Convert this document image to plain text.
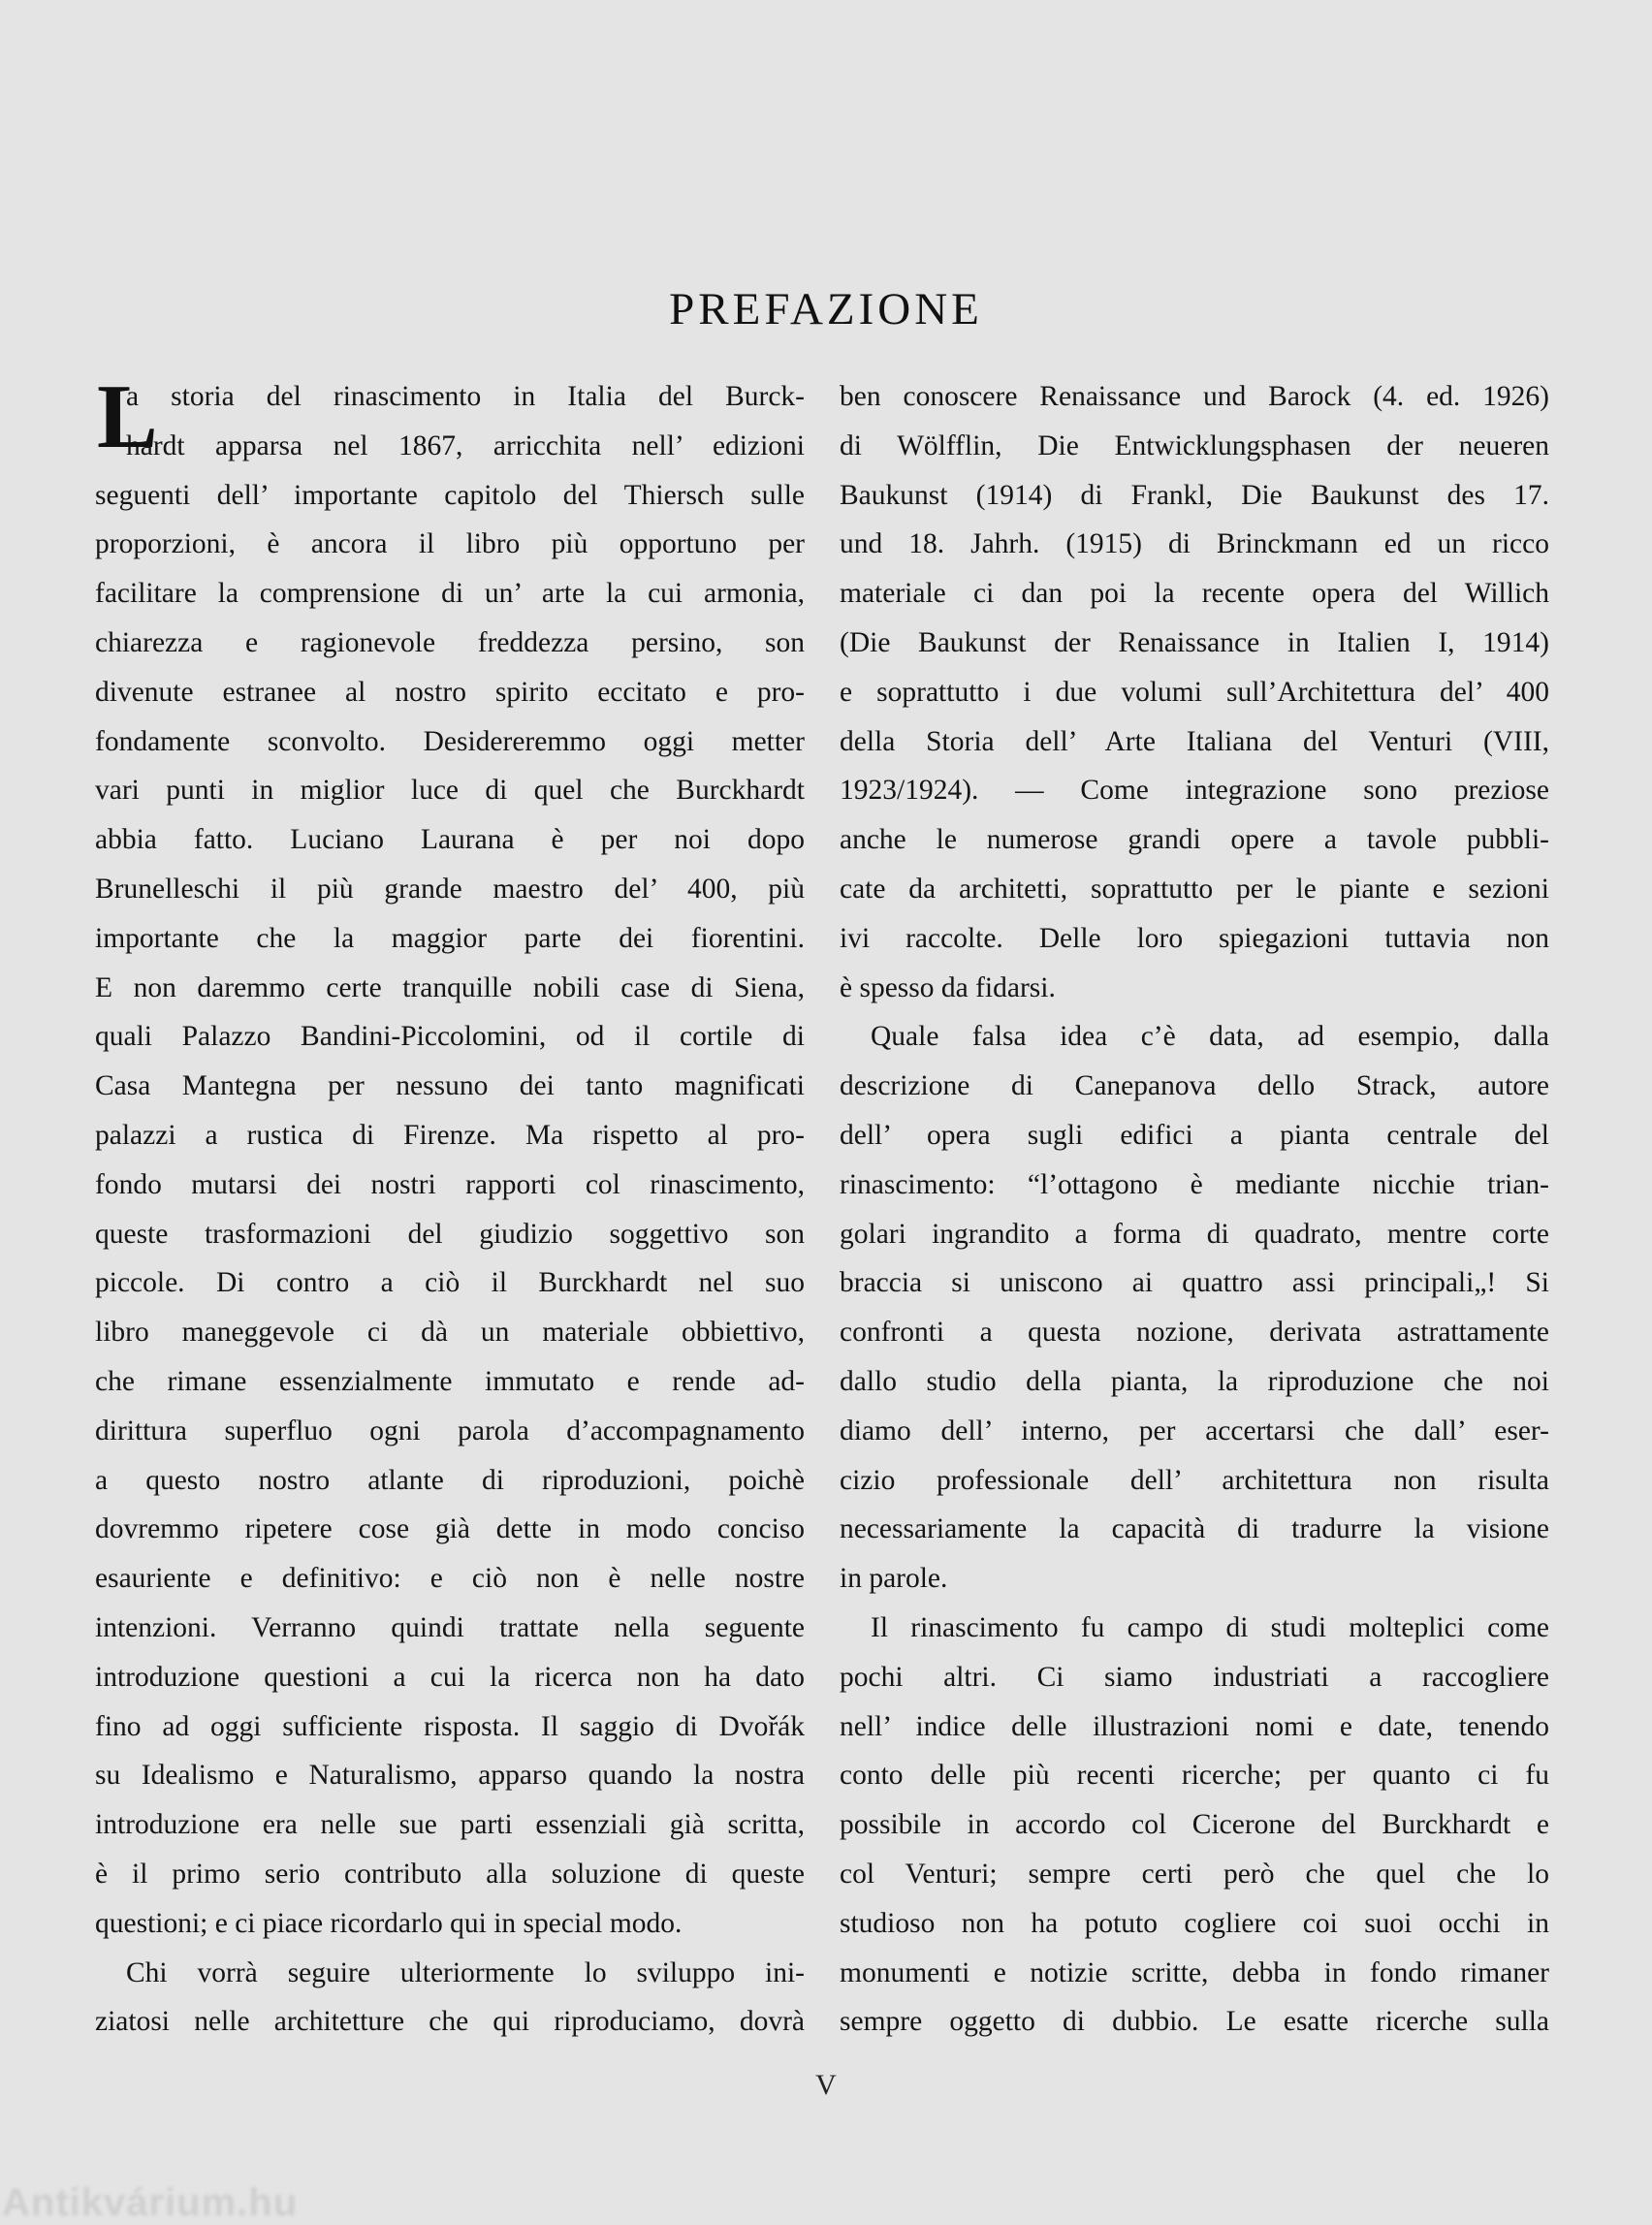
PREFAZIONE
L
a storia del rinascimento in Italia del Burck-
hardt apparsa nel 1867, arricchita nell’ edizioni
seguenti dell’ importante capitolo del Thiersch sulle
proporzioni, è ancora il libro più opportuno per
facilitare la comprensione di un’ arte la cui armonia,
chiarezza e ragionevole freddezza persino, son
divenute estranee al nostro spirito eccitato e pro-
fondamente sconvolto. Desidereremmo oggi metter
vari punti in miglior luce di quel che Burckhardt
abbia fatto. Luciano Laurana è per noi dopo
Brunelleschi il più grande maestro del’ 400, più
importante che la maggior parte dei fiorentini.
E non daremmo certe tranquille nobili case di Siena,
quali Palazzo Bandini-Piccolomini, od il cortile di
Casa Mantegna per nessuno dei tanto magnificati
palazzi a rustica di Firenze. Ma rispetto al pro-
fondo mutarsi dei nostri rapporti col rinascimento,
queste trasformazioni del giudizio soggettivo son
piccole. Di contro a ciò il Burckhardt nel suo
libro maneggevole ci dà un materiale obbiettivo,
che rimane essenzialmente immutato e rende ad-
dirittura superfluo ogni parola d’accompagnamento
a questo nostro atlante di riproduzioni, poichè
dovremmo ripetere cose già dette in modo conciso
esauriente e definitivo: e ciò non è nelle nostre
intenzioni. Verranno quindi trattate nella seguente
introduzione questioni a cui la ricerca non ha dato
fino ad oggi sufficiente risposta. Il saggio di Dvořák
su Idealismo e Naturalismo, apparso quando la nostra
introduzione era nelle sue parti essenziali già scritta,
è il primo serio contributo alla soluzione di queste
questioni; e ci piace ricordarlo qui in special modo.
Chi vorrà seguire ulteriormente lo sviluppo ini-
ziatosi nelle architetture che qui riproduciamo, dovrà
ben conoscere Renaissance und Barock (4. ed. 1926)
di Wölfflin, Die Entwicklungsphasen der neueren
Baukunst (1914) di Frankl, Die Baukunst des 17.
und 18. Jahrh. (1915) di Brinckmann ed un ricco
materiale ci dan poi la recente opera del Willich
(Die Baukunst der Renaissance in Italien I, 1914)
e soprattutto i due volumi sull’Architettura del’ 400
della Storia dell’ Arte Italiana del Venturi (VIII,
1923/1924). — Come integrazione sono preziose
anche le numerose grandi opere a tavole pubbli-
cate da architetti, soprattutto per le piante e sezioni
ivi raccolte. Delle loro spiegazioni tuttavia non
è spesso da fidarsi.
Quale falsa idea c’è data, ad esempio, dalla
descrizione di Canepanova dello Strack, autore
dell’ opera sugli edifici a pianta centrale del
rinascimento: “l’ottagono è mediante nicchie trian-
golari ingrandito a forma di quadrato, mentre corte
braccia si uniscono ai quattro assi principali„! Si
confronti a questa nozione, derivata astrattamente
dallo studio della pianta, la riproduzione che noi
diamo dell’ interno, per accertarsi che dall’ eser-
cizio professionale dell’ architettura non risulta
necessariamente la capacità di tradurre la visione
in parole.
Il rinascimento fu campo di studi molteplici come
pochi altri. Ci siamo industriati a raccogliere
nell’ indice delle illustrazioni nomi e date, tenendo
conto delle più recenti ricerche; per quanto ci fu
possibile in accordo col Cicerone del Burckhardt e
col Venturi; sempre certi però che quel che lo
studioso non ha potuto cogliere coi suoi occhi in
monumenti e notizie scritte, debba in fondo rimaner
sempre oggetto di dubbio. Le esatte ricerche sulla
V
Antikvárium.hu
